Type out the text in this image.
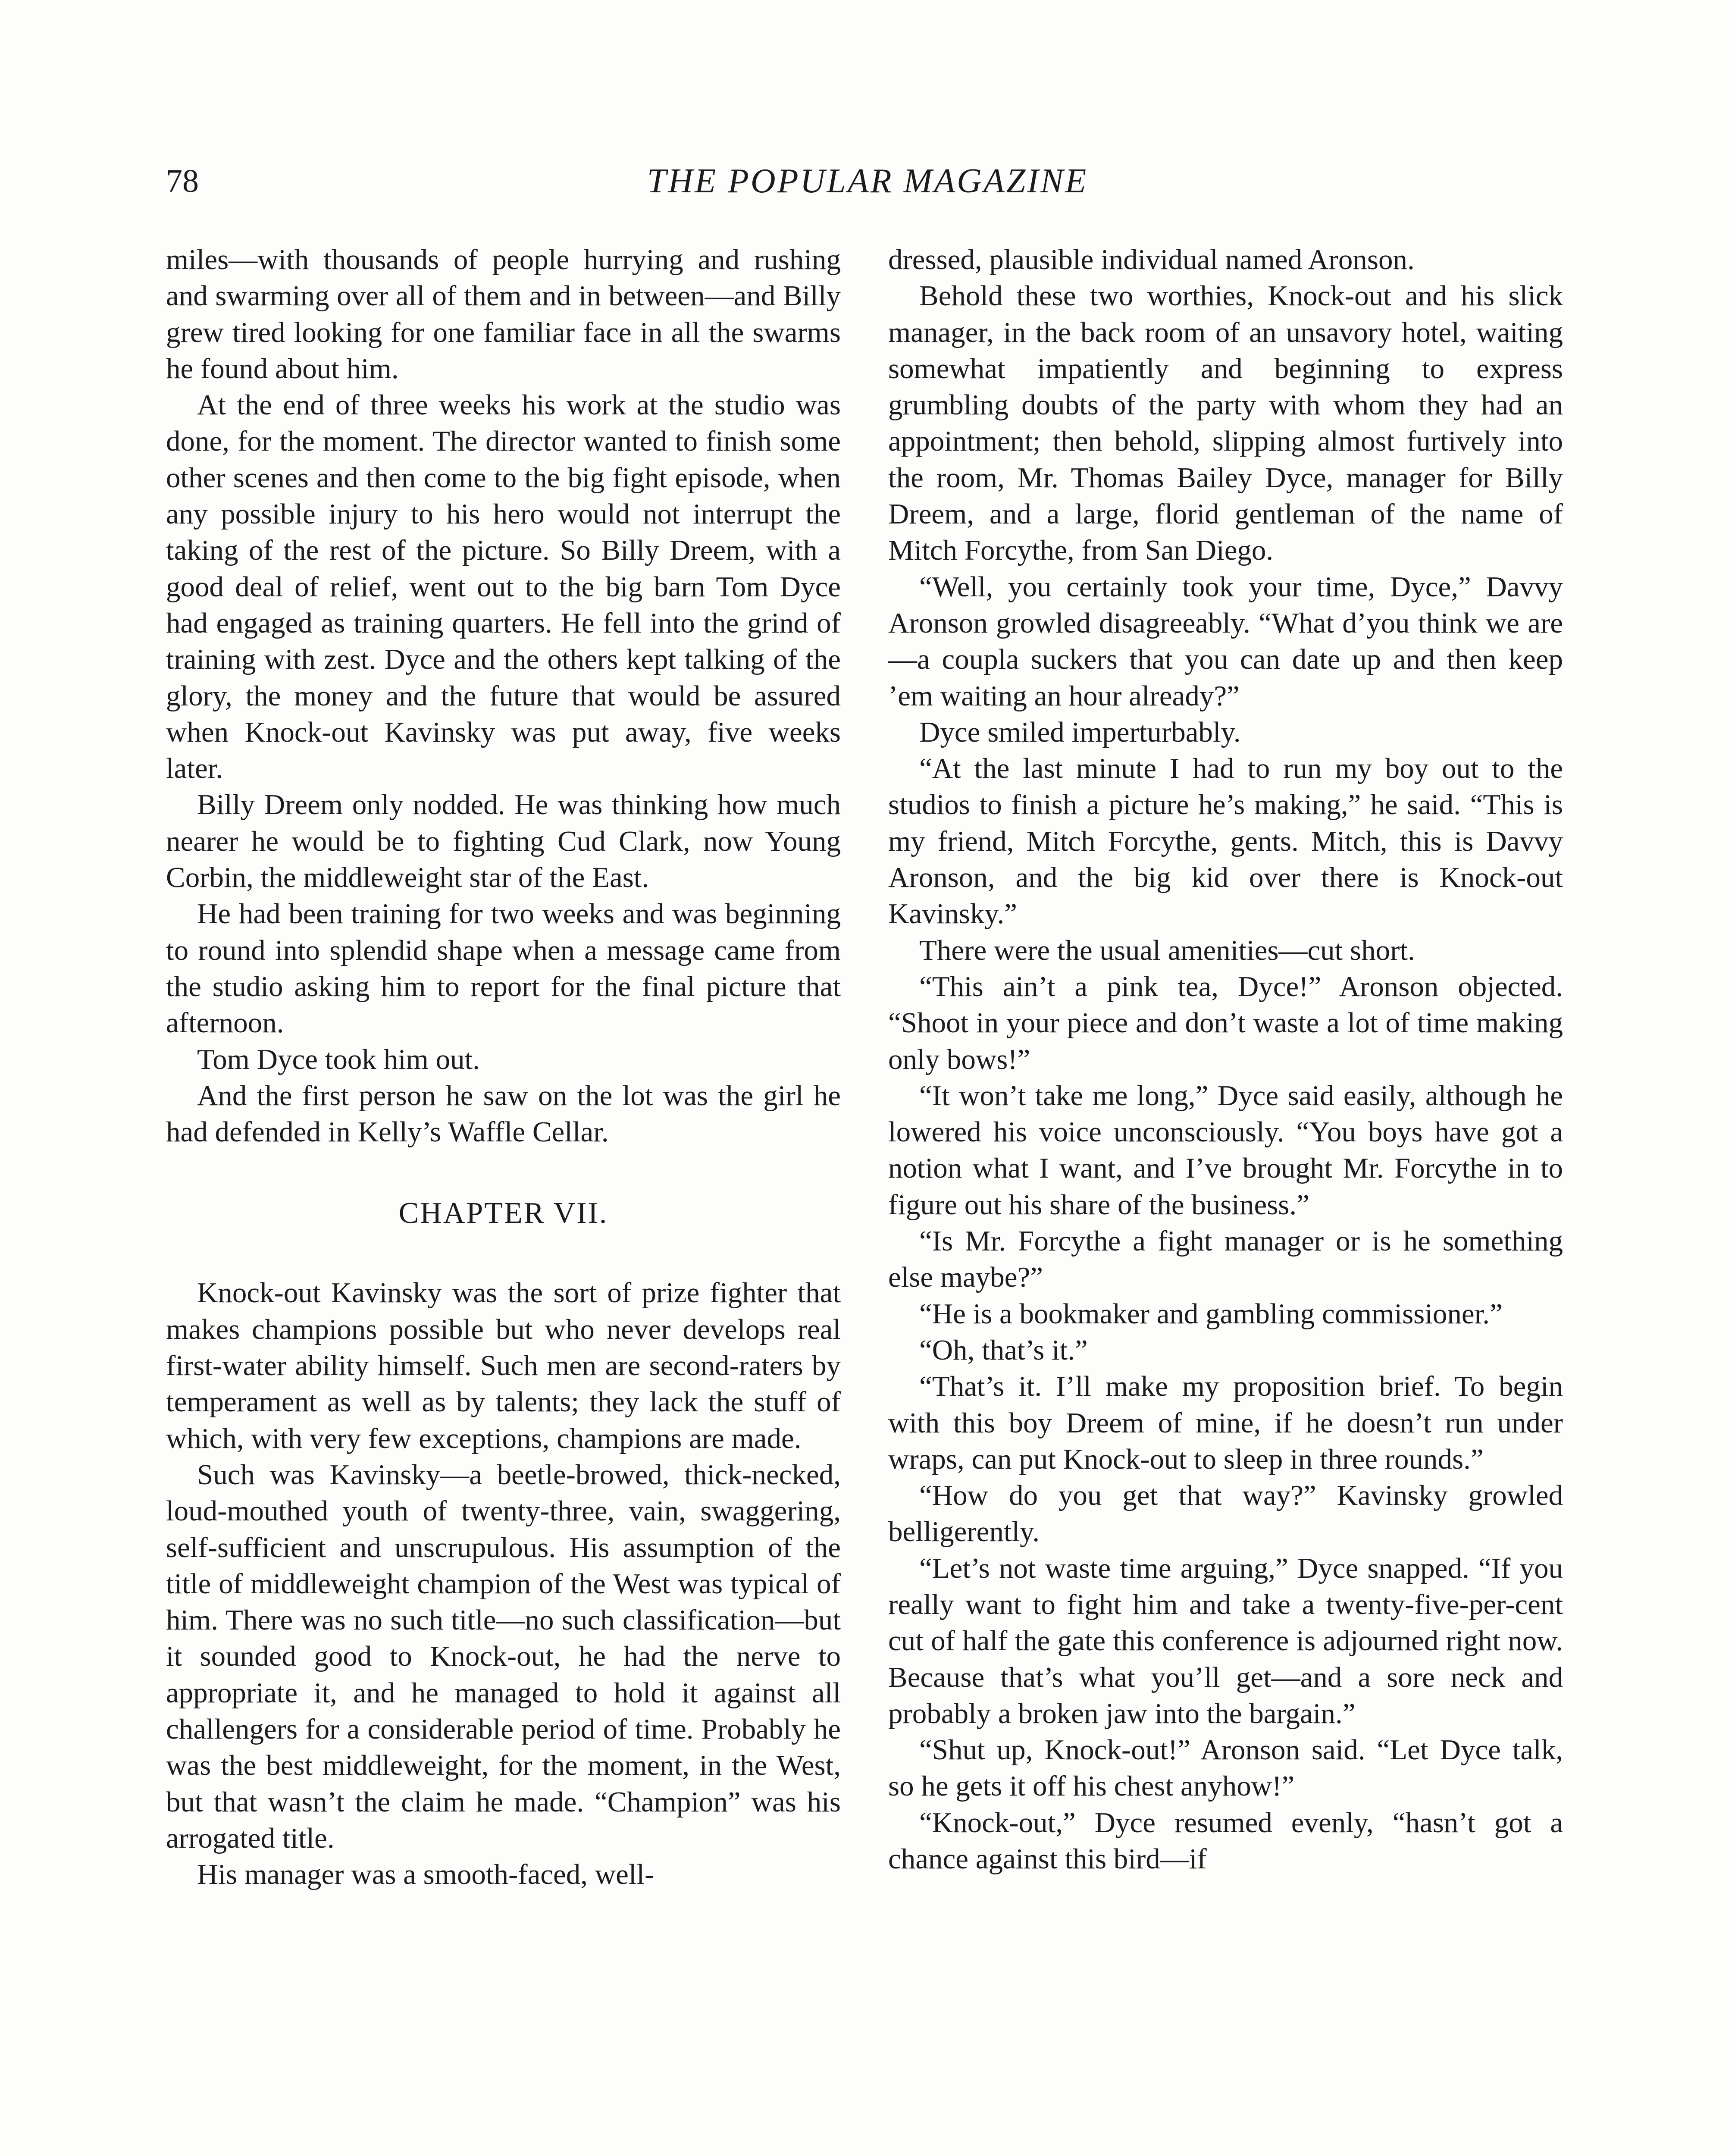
78	THE POPULAR MAGAZINE

miles—with thousands of people hurrying and rushing and swarming over all of them and in between—and Billy grew tired looking for one familiar face in all the swarms he found about him.

At the end of three weeks his work at the studio was done, for the moment. The director wanted to finish some other scenes and then come to the big fight episode, when any possible injury to his hero would not interrupt the taking of the rest of the picture. So Billy Dreem, with a good deal of relief, went out to the big barn Tom Dyce had engaged as training quarters. He fell into the grind of training with zest. Dyce and the others kept talking of the glory, the money and the future that would be assured when Knock-out Kavinsky was put away, five weeks later.

Billy Dreem only nodded. He was thinking how much nearer he would be to fighting Cud Clark, now Young Corbin, the middleweight star of the East.

He had been training for two weeks and was beginning to round into splendid shape when a message came from the studio asking him to report for the final picture that afternoon.

Tom Dyce took him out.

And the first person he saw on the lot was the girl he had defended in Kelly’s Waffle Cellar.

CHAPTER VII.

Knock-out Kavinsky was the sort of prize fighter that makes champions possible but who never develops real first-water ability himself. Such men are second-raters by temperament as well as by talents; they lack the stuff of which, with very few exceptions, champions are made.

Such was Kavinsky—a beetle-browed, thick-necked, loud-mouthed youth of twenty-three, vain, swaggering, self-sufficient and unscrupulous. His assumption of the title of middleweight champion of the West was typical of him. There was no such title—no such classification—but it sounded good to Knock-out, he had the nerve to appropriate it, and he managed to hold it against all challengers for a considerable period of time. Probably he was the best middleweight, for the moment, in the West, but that wasn’t the claim he made. “Champion” was his arrogated title.

His manager was a smooth-faced, well-

dressed, plausible individual named Aronson.

Behold these two worthies, Knock-out and his slick manager, in the back room of an unsavory hotel, waiting somewhat impatiently and beginning to express grumbling doubts of the party with whom they had an appointment; then behold, slipping almost furtively into the room, Mr. Thomas Bailey Dyce, manager for Billy Dreem, and a large, florid gentleman of the name of Mitch Forcythe, from San Diego.

“Well, you certainly took your time, Dyce,” Davvy Aronson growled disagreeably. “What d’you think we are—a coupla suckers that you can date up and then keep ’em waiting an hour already?”

Dyce smiled imperturbably.

“At the last minute I had to run my boy out to the studios to finish a picture he’s making,” he said. “This is my friend, Mitch Forcythe, gents. Mitch, this is Davvy Aronson, and the big kid over there is Knock-out Kavinsky.”

There were the usual amenities—cut short.

“This ain’t a pink tea, Dyce!” Aronson objected. “Shoot in your piece and don’t waste a lot of time making only bows!”

“It won’t take me long,” Dyce said easily, although he lowered his voice unconsciously. “You boys have got a notion what I want, and I’ve brought Mr. Forcythe in to figure out his share of the business.”

“Is Mr. Forcythe a fight manager or is he something else maybe?”

“He is a bookmaker and gambling commissioner.”

“Oh, that’s it.”

“That’s it. I’ll make my proposition brief. To begin with this boy Dreem of mine, if he doesn’t run under wraps, can put Knock-out to sleep in three rounds.”

“How do you get that way?” Kavinsky growled belligerently.

“Let’s not waste time arguing,” Dyce snapped. “If you really want to fight him and take a twenty-five-per-cent cut of half the gate this conference is adjourned right now. Because that’s what you’ll get—and a sore neck and probably a broken jaw into the bargain.”

“Shut up, Knock-out!” Aronson said. “Let Dyce talk, so he gets it off his chest anyhow!”

“Knock-out,” Dyce resumed evenly, “hasn’t got a chance against this bird—if
